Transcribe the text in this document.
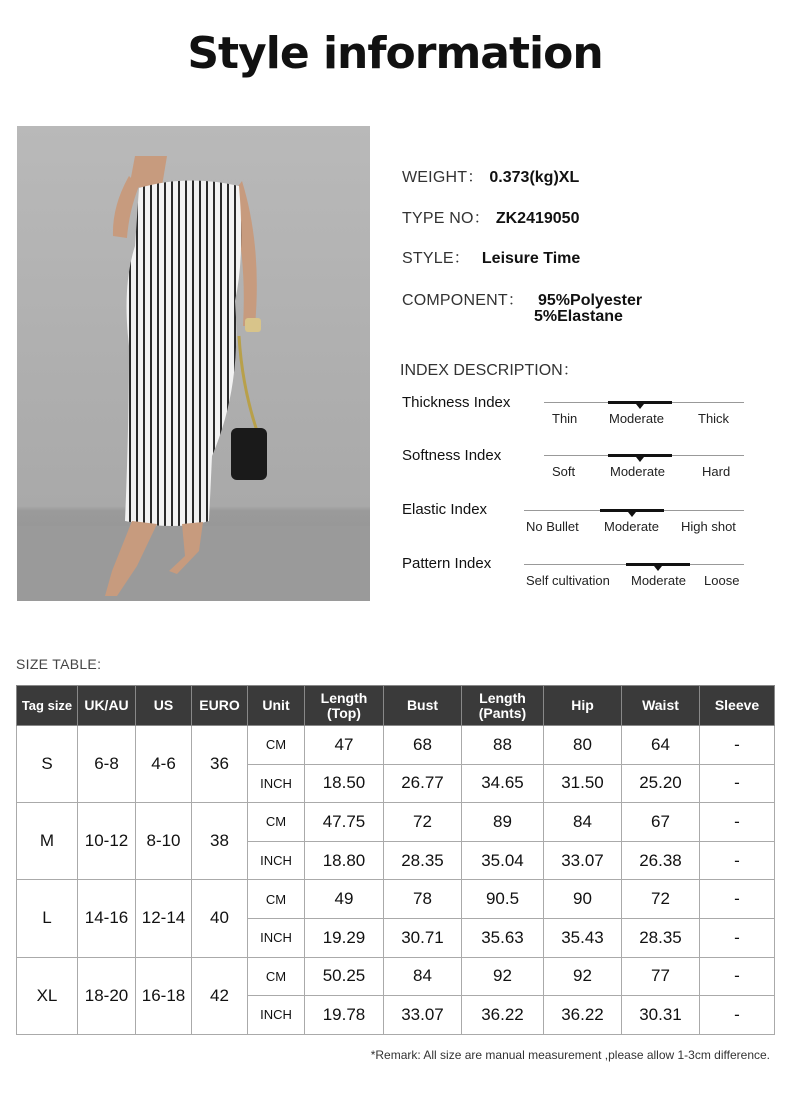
Style information
WEIGHT： 0.373(kg)XL
TYPE NO： ZK2419050
STYLE： Leisure Time
COMPONENT： 95%Polyester
5%Elastane
INDEX DESCRIPTION：
Thickness Index
Thin Moderate	Thick
Softness Index
Soft	Moderate	Hard
Elastic Index
No Bullet Moderate High shot
Pattern Index
Self cultivation Moderate Loose
SIZE TABLE:
Tag size	UK/AU	US	EURO	Unit	Length (Top)	Bust	Length (Pants)	Hip	Waist	Sleeve
S	6-8	4-6	36	CM	47	68	88	80	64	-
				INCH	18.50	26.77	34.65	31.50	25.20	-
M	10-12	8-10	38	CM	47.75	72	89	84	67	-
				INCH	18.80	28.35	35.04	33.07	26.38	-
L	14-16	12-14	40	CM	49	78	90.5	90	72	-
				INCH	19.29	30.71	35.63	35.43	28.35	-
XL	18-20	16-18	42	CM	50.25	84	92	92	77	-
				INCH	19.78	33.07	36.22	36.22	30.31	-
*Remark: All size are manual measurement ,please allow 1-3cm difference.
